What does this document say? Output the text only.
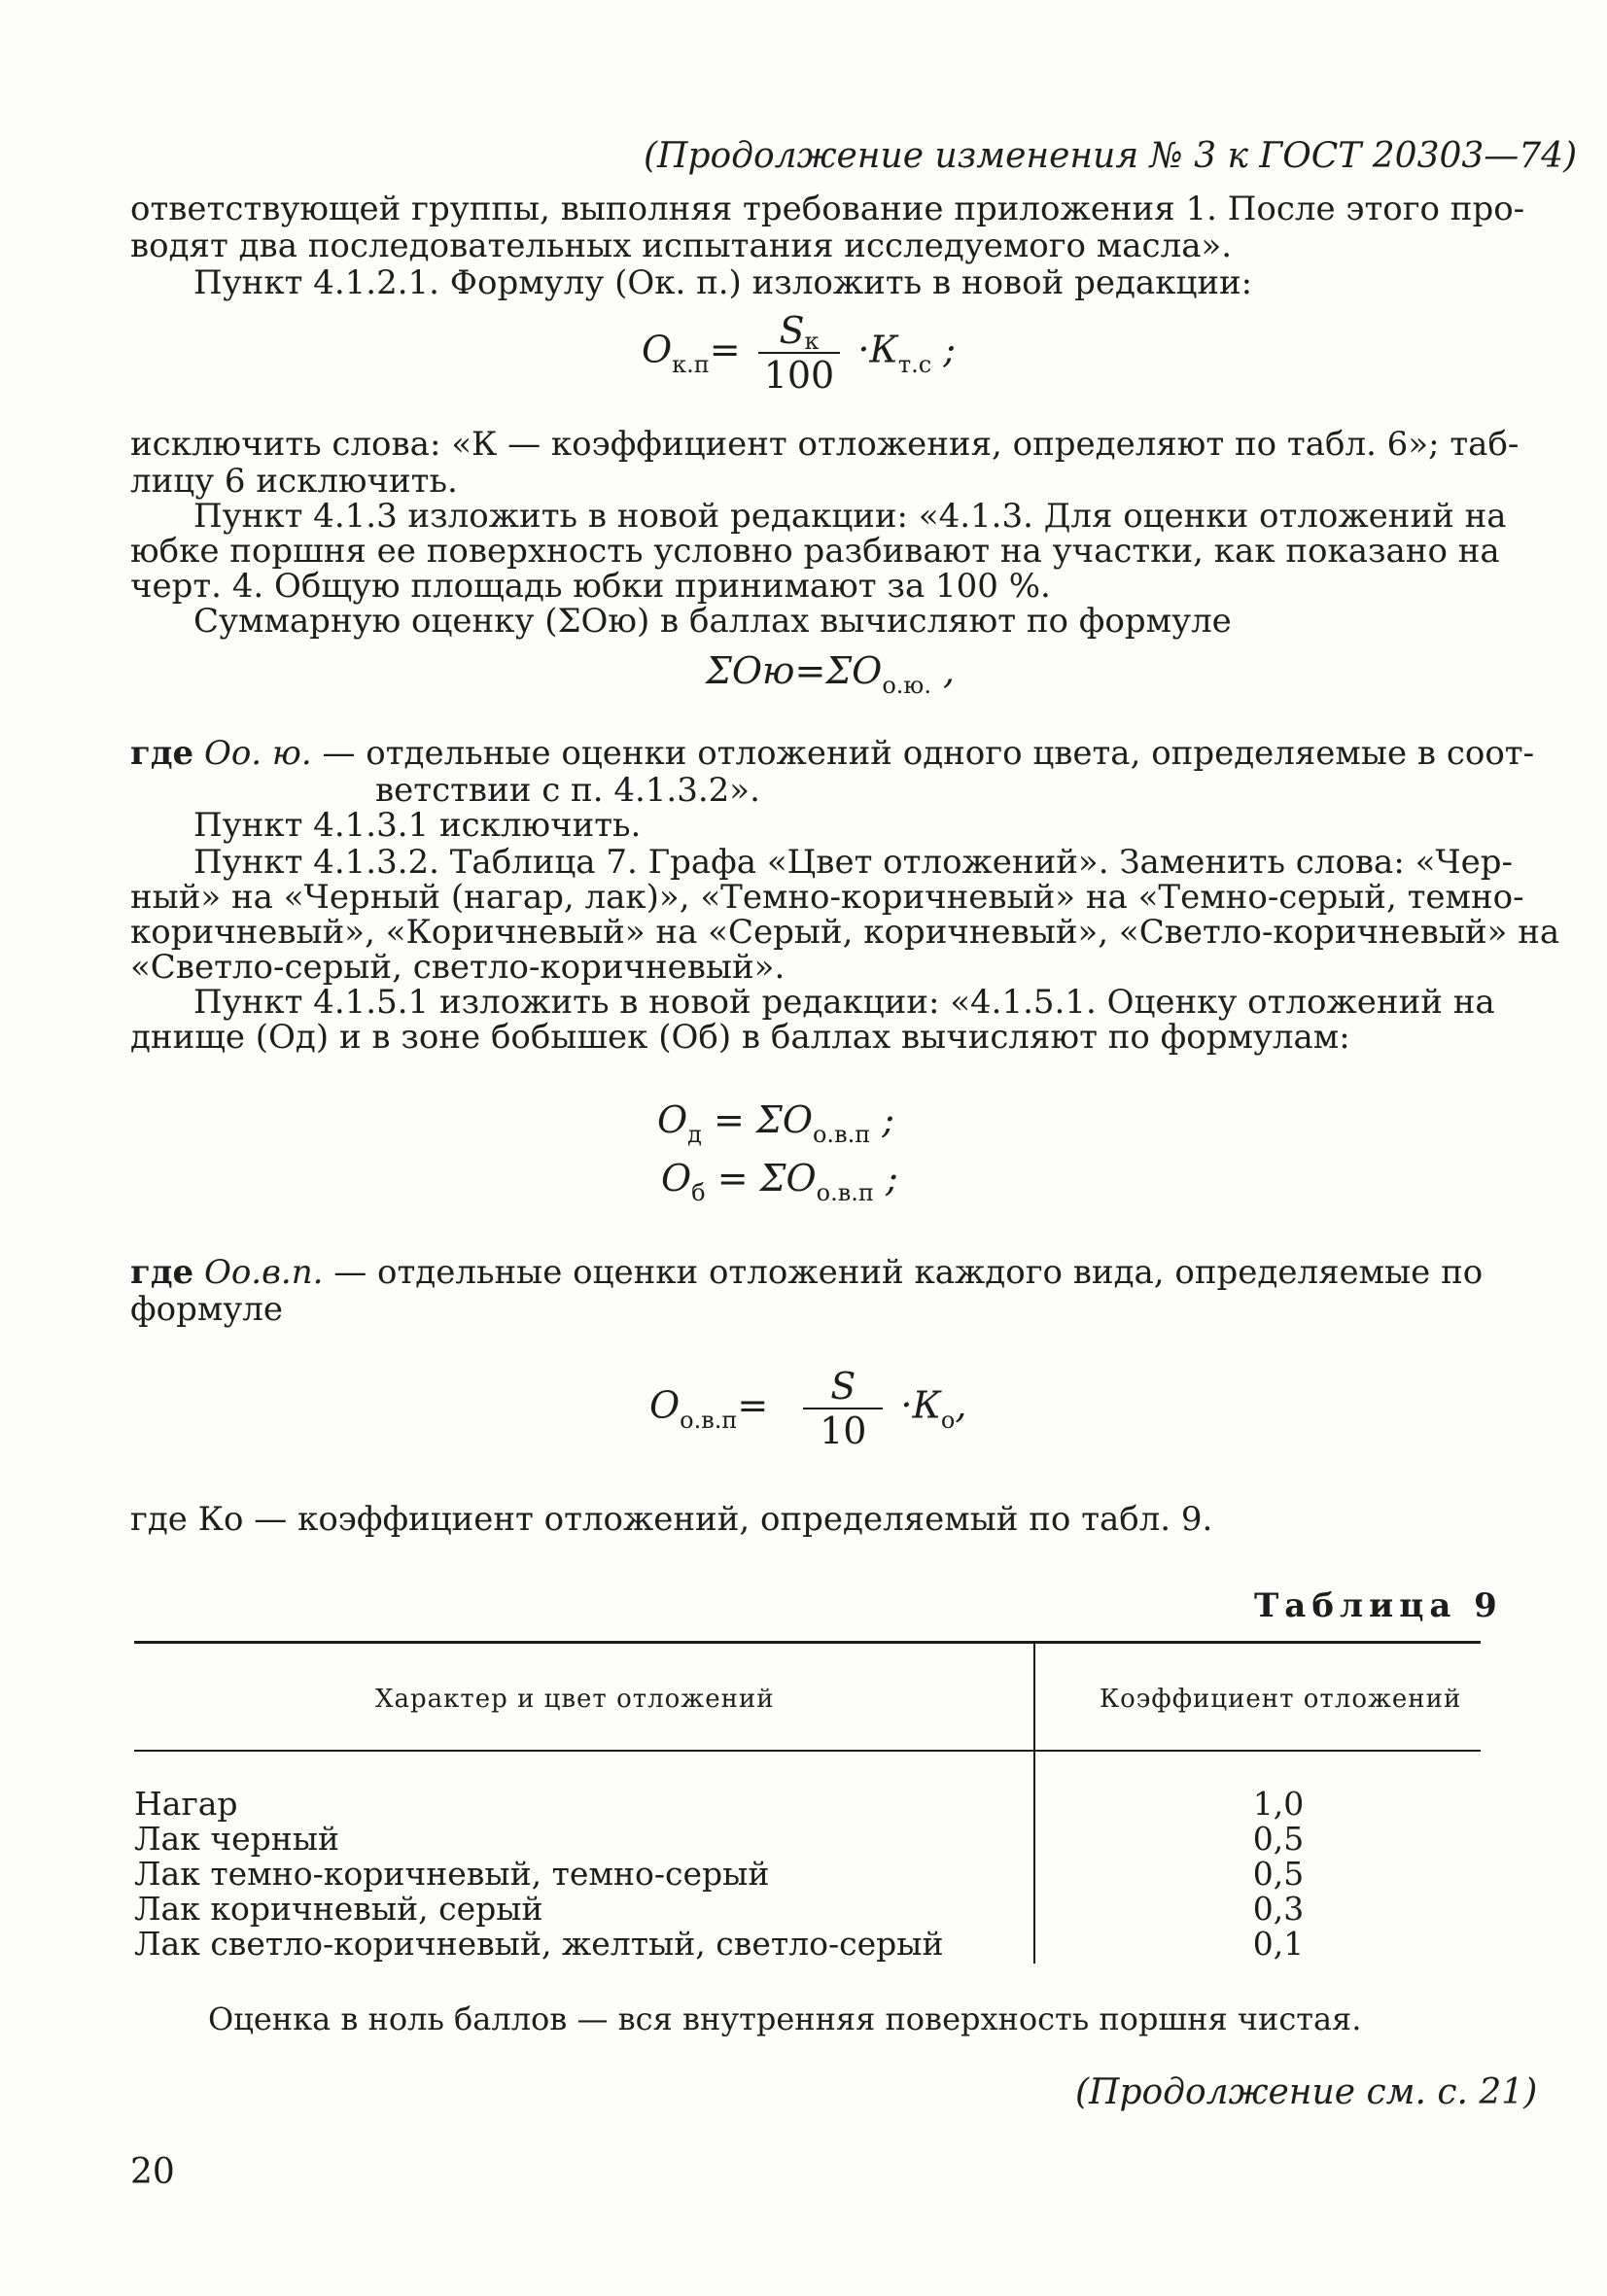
(Продолжение изменения № 3 к ГОСТ 20303—74)
ответствующей группы, выполняя требование приложения 1. После этого про-
водят два последовательных испытания исследуемого масла».
Пункт 4.1.2.1. Формулу (Ок. п.) изложить в новой редакции:
$О_{к.п}= \frac{Sк}{100} \cdot К_{т.с}$ ;
исключить слова: «К — коэффициент отложения, определяют по табл. 6»; таб-
лицу 6 исключить.
Пункт 4.1.3 изложить в новой редакции: «4.1.3. Для оценки отложений на
юбке поршня ее поверхность условно разбивают на участки, как показано на
черт. 4. Общую площадь юбки принимают за 100 %.
Суммарную оценку (ΣОю) в баллах вычисляют по формуле
$\Sigma Ою=\Sigma О_{о.ю.}$ ,
где Оо. ю. — отдельные оценки отложений одного цвета, определяемые в соот-
ветствии с п. 4.1.3.2».
Пункт 4.1.3.1 исключить.
Пункт 4.1.3.2. Таблица 7. Графа «Цвет отложений». Заменить слова: «Чер-
ный» на «Черный (нагар, лак)», «Темно-коричневый» на «Темно-серый, темно-
коричневый», «Коричневый» на «Серый, коричневый», «Светло-коричневый» на
«Светло-серый, светло-коричневый».
Пункт 4.1.5.1 изложить в новой редакции: «4.1.5.1. Оценку отложений на
днище (Од) и в зоне бобышек (Об) в баллах вычисляют по формулам:
$О_д = \Sigma О_{о.в.п}$ ;
$О_б = \Sigma О_{о.в.п}$ ;
где Оо.в.п. — отдельные оценки отложений каждого вида, определяемые по
формуле
$О_{о.в.п}= \frac{S}{10} \cdot К_о$,
где Ко — коэффициент отложений, определяемый по табл. 9.
Таблица 9
Характер и цвет отложений	Коэффициент отложений
Нагар	1,0
Лак черный	0,5
Лак темно-коричневый, темно-серый	0,5
Лак коричневый, серый	0,3
Лак светло-коричневый, желтый, светло-серый	0,1
Оценка в ноль баллов — вся внутренняя поверхность поршня чистая.
(Продолжение см. с. 21)
20
